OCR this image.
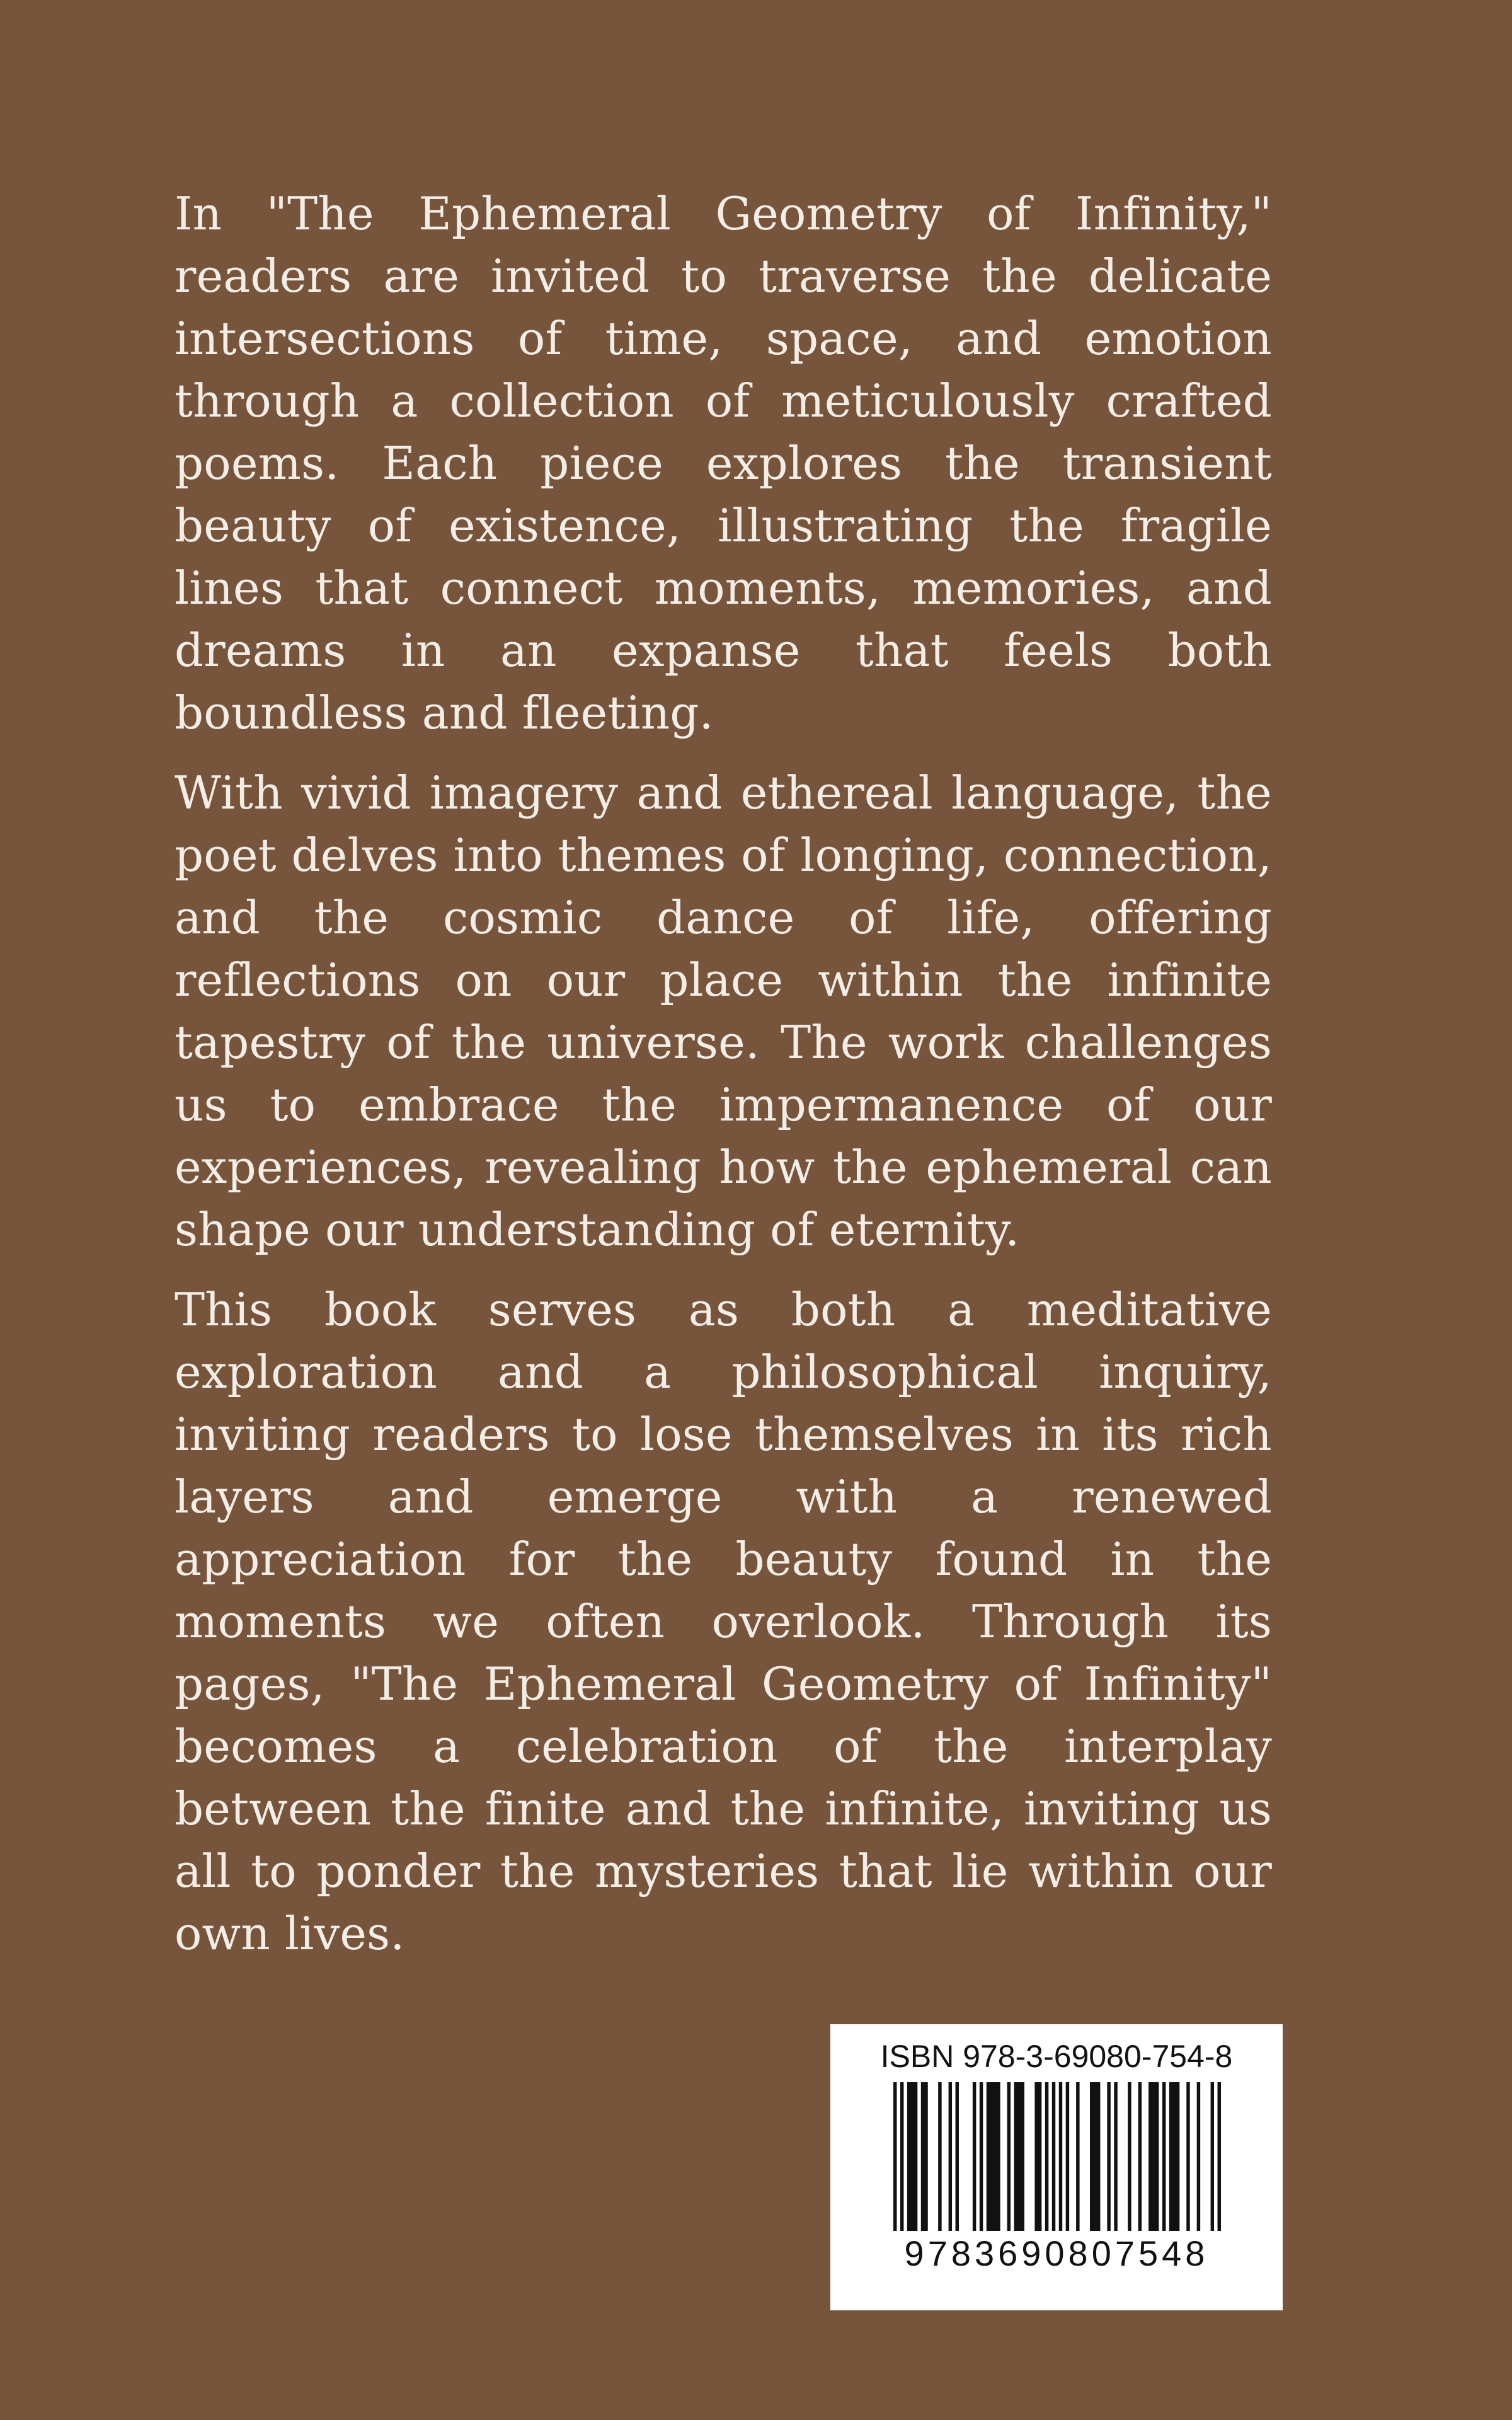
In "The Ephemeral Geometry of Infinity," readers are invited to traverse the delicate intersections of time, space, and emotion through a collection of meticulously crafted poems. Each piece explores the transient beauty of existence, illustrating the fragile lines that connect moments, memories, and dreams in an expanse that feels both boundless and fleeting.

With vivid imagery and ethereal language, the poet delves into themes of longing, connection, and the cosmic dance of life, offering reflections on our place within the infinite tapestry of the universe. The work challenges us to embrace the impermanence of our experiences, revealing how the ephemeral can shape our understanding of eternity.

This book serves as both a meditative exploration and a philosophical inquiry, inviting readers to lose themselves in its rich layers and emerge with a renewed appreciation for the beauty found in the moments we often overlook. Through its pages, "The Ephemeral Geometry of Infinity" becomes a celebration of the interplay between the finite and the infinite, inviting us all to ponder the mysteries that lie within our own lives.

ISBN 978-3-69080-754-8
9783690807548
